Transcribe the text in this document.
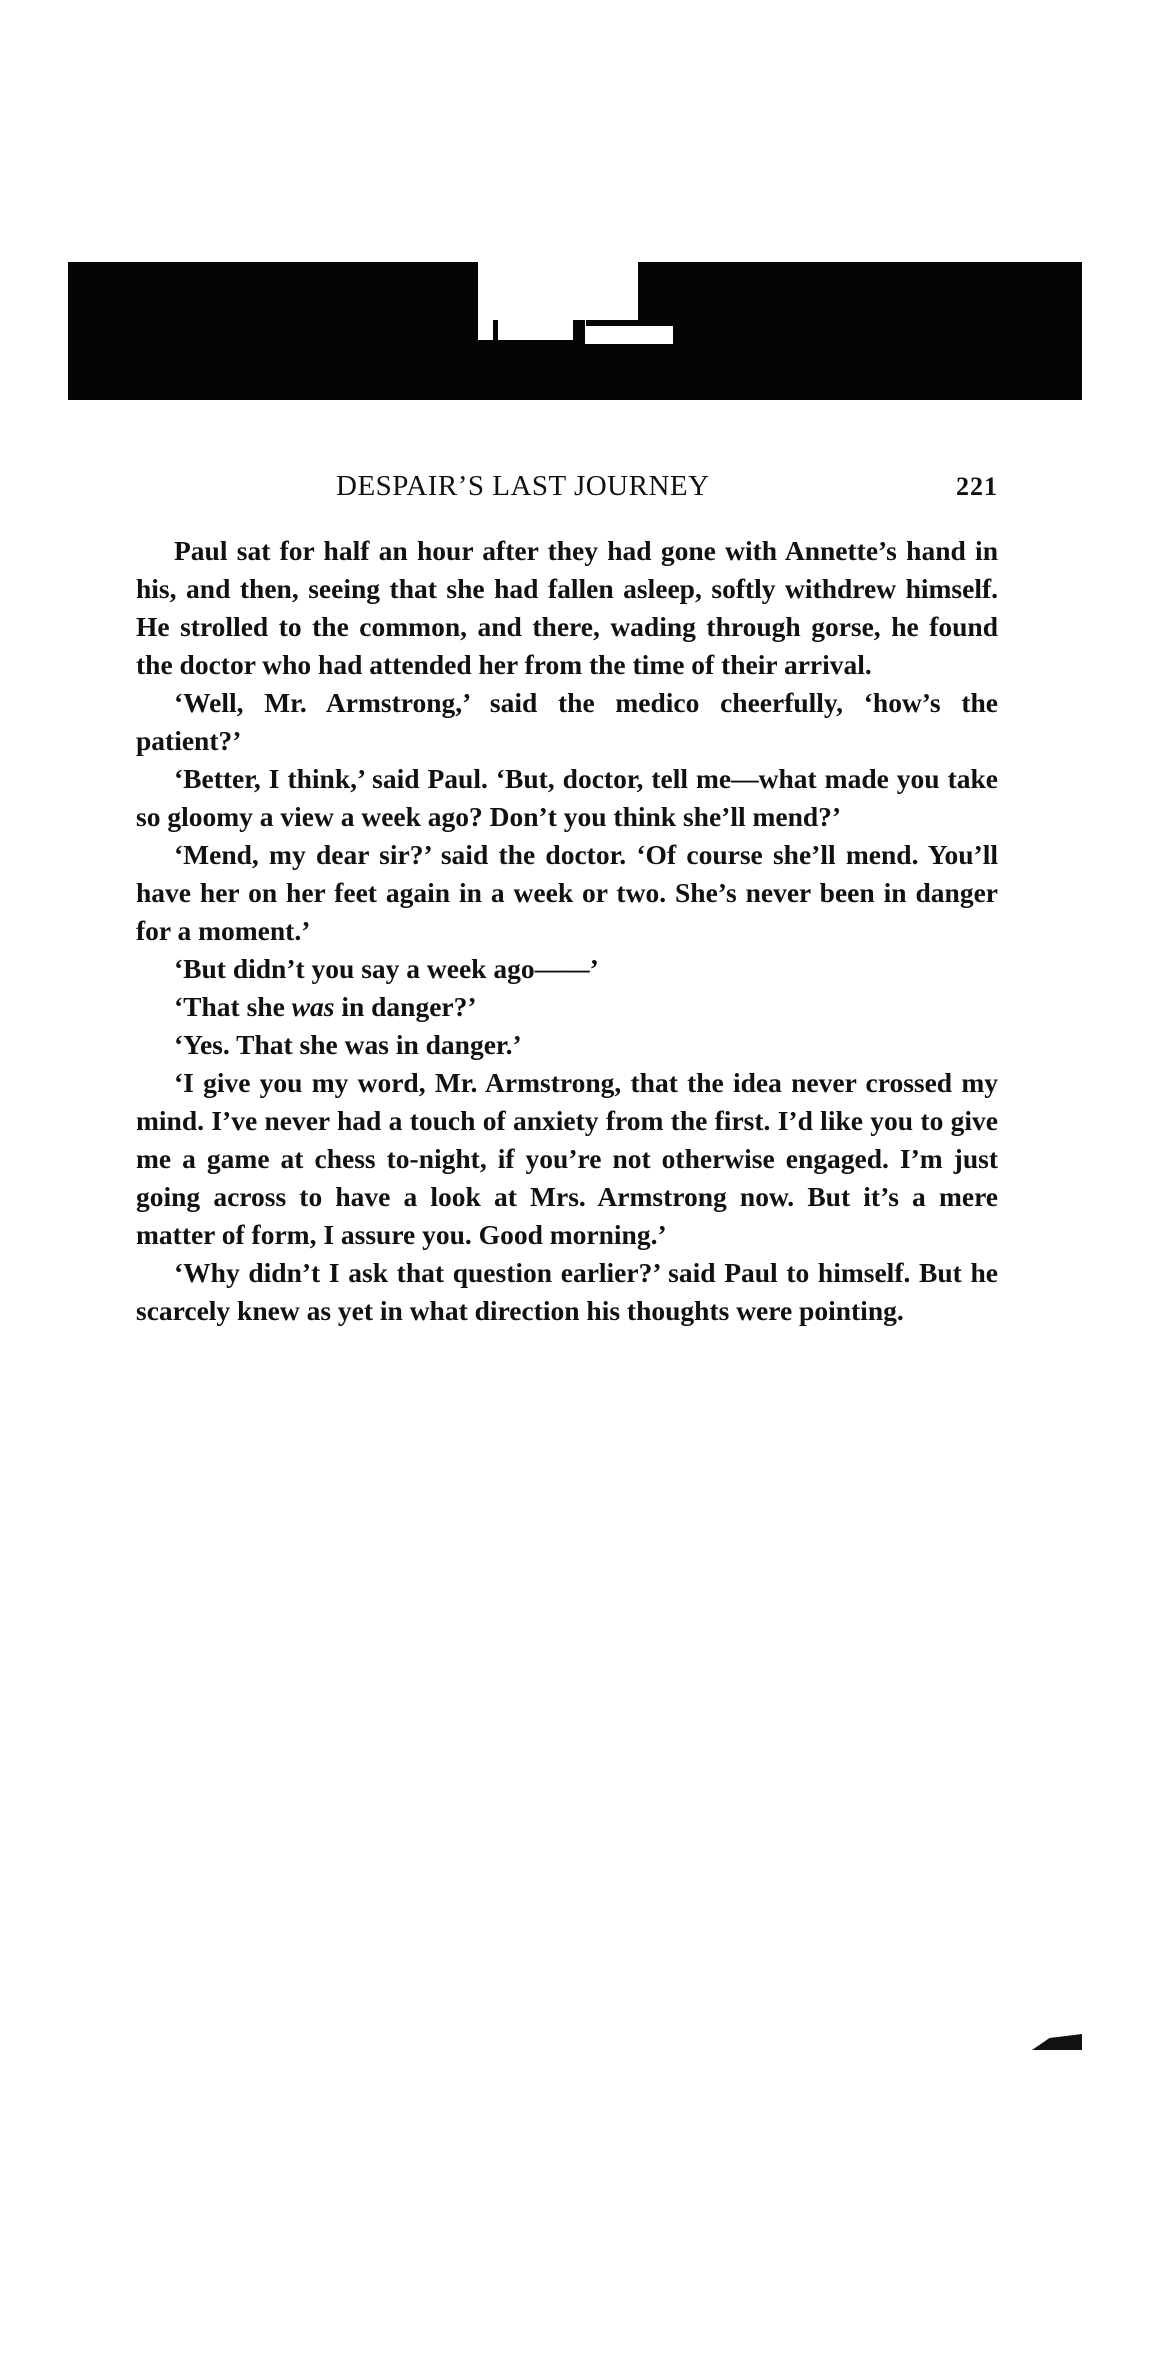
DESPAIR’S LAST JOURNEY	221

Paul sat for half an hour after they had gone with Annette’s hand in his, and then, seeing that she had fallen asleep, softly withdrew himself. He strolled to the common, and there, wading through gorse, he found the doctor who had attended her from the time of their arrival.

‘Well, Mr. Armstrong,’ said the medico cheerfully, ‘how’s the patient?’

‘Better, I think,’ said Paul. ‘But, doctor, tell me—what made you take so gloomy a view a week ago? Don’t you think she’ll mend?’

‘Mend, my dear sir?’ said the doctor. ‘Of course she’ll mend. You’ll have her on her feet again in a week or two. She’s never been in danger for a moment.’

‘But didn’t you say a week ago——’

‘That she was in danger?’

‘Yes. That she was in danger.’

‘I give you my word, Mr. Armstrong, that the idea never crossed my mind. I’ve never had a touch of anxiety from the first. I’d like you to give me a game at chess to-night, if you’re not otherwise engaged. I’m just going across to have a look at Mrs. Armstrong now. But it’s a mere matter of form, I assure you. Good morning.’

‘Why didn’t I ask that question earlier?’ said Paul to himself. But he scarcely knew as yet in what direction his thoughts were pointing.
